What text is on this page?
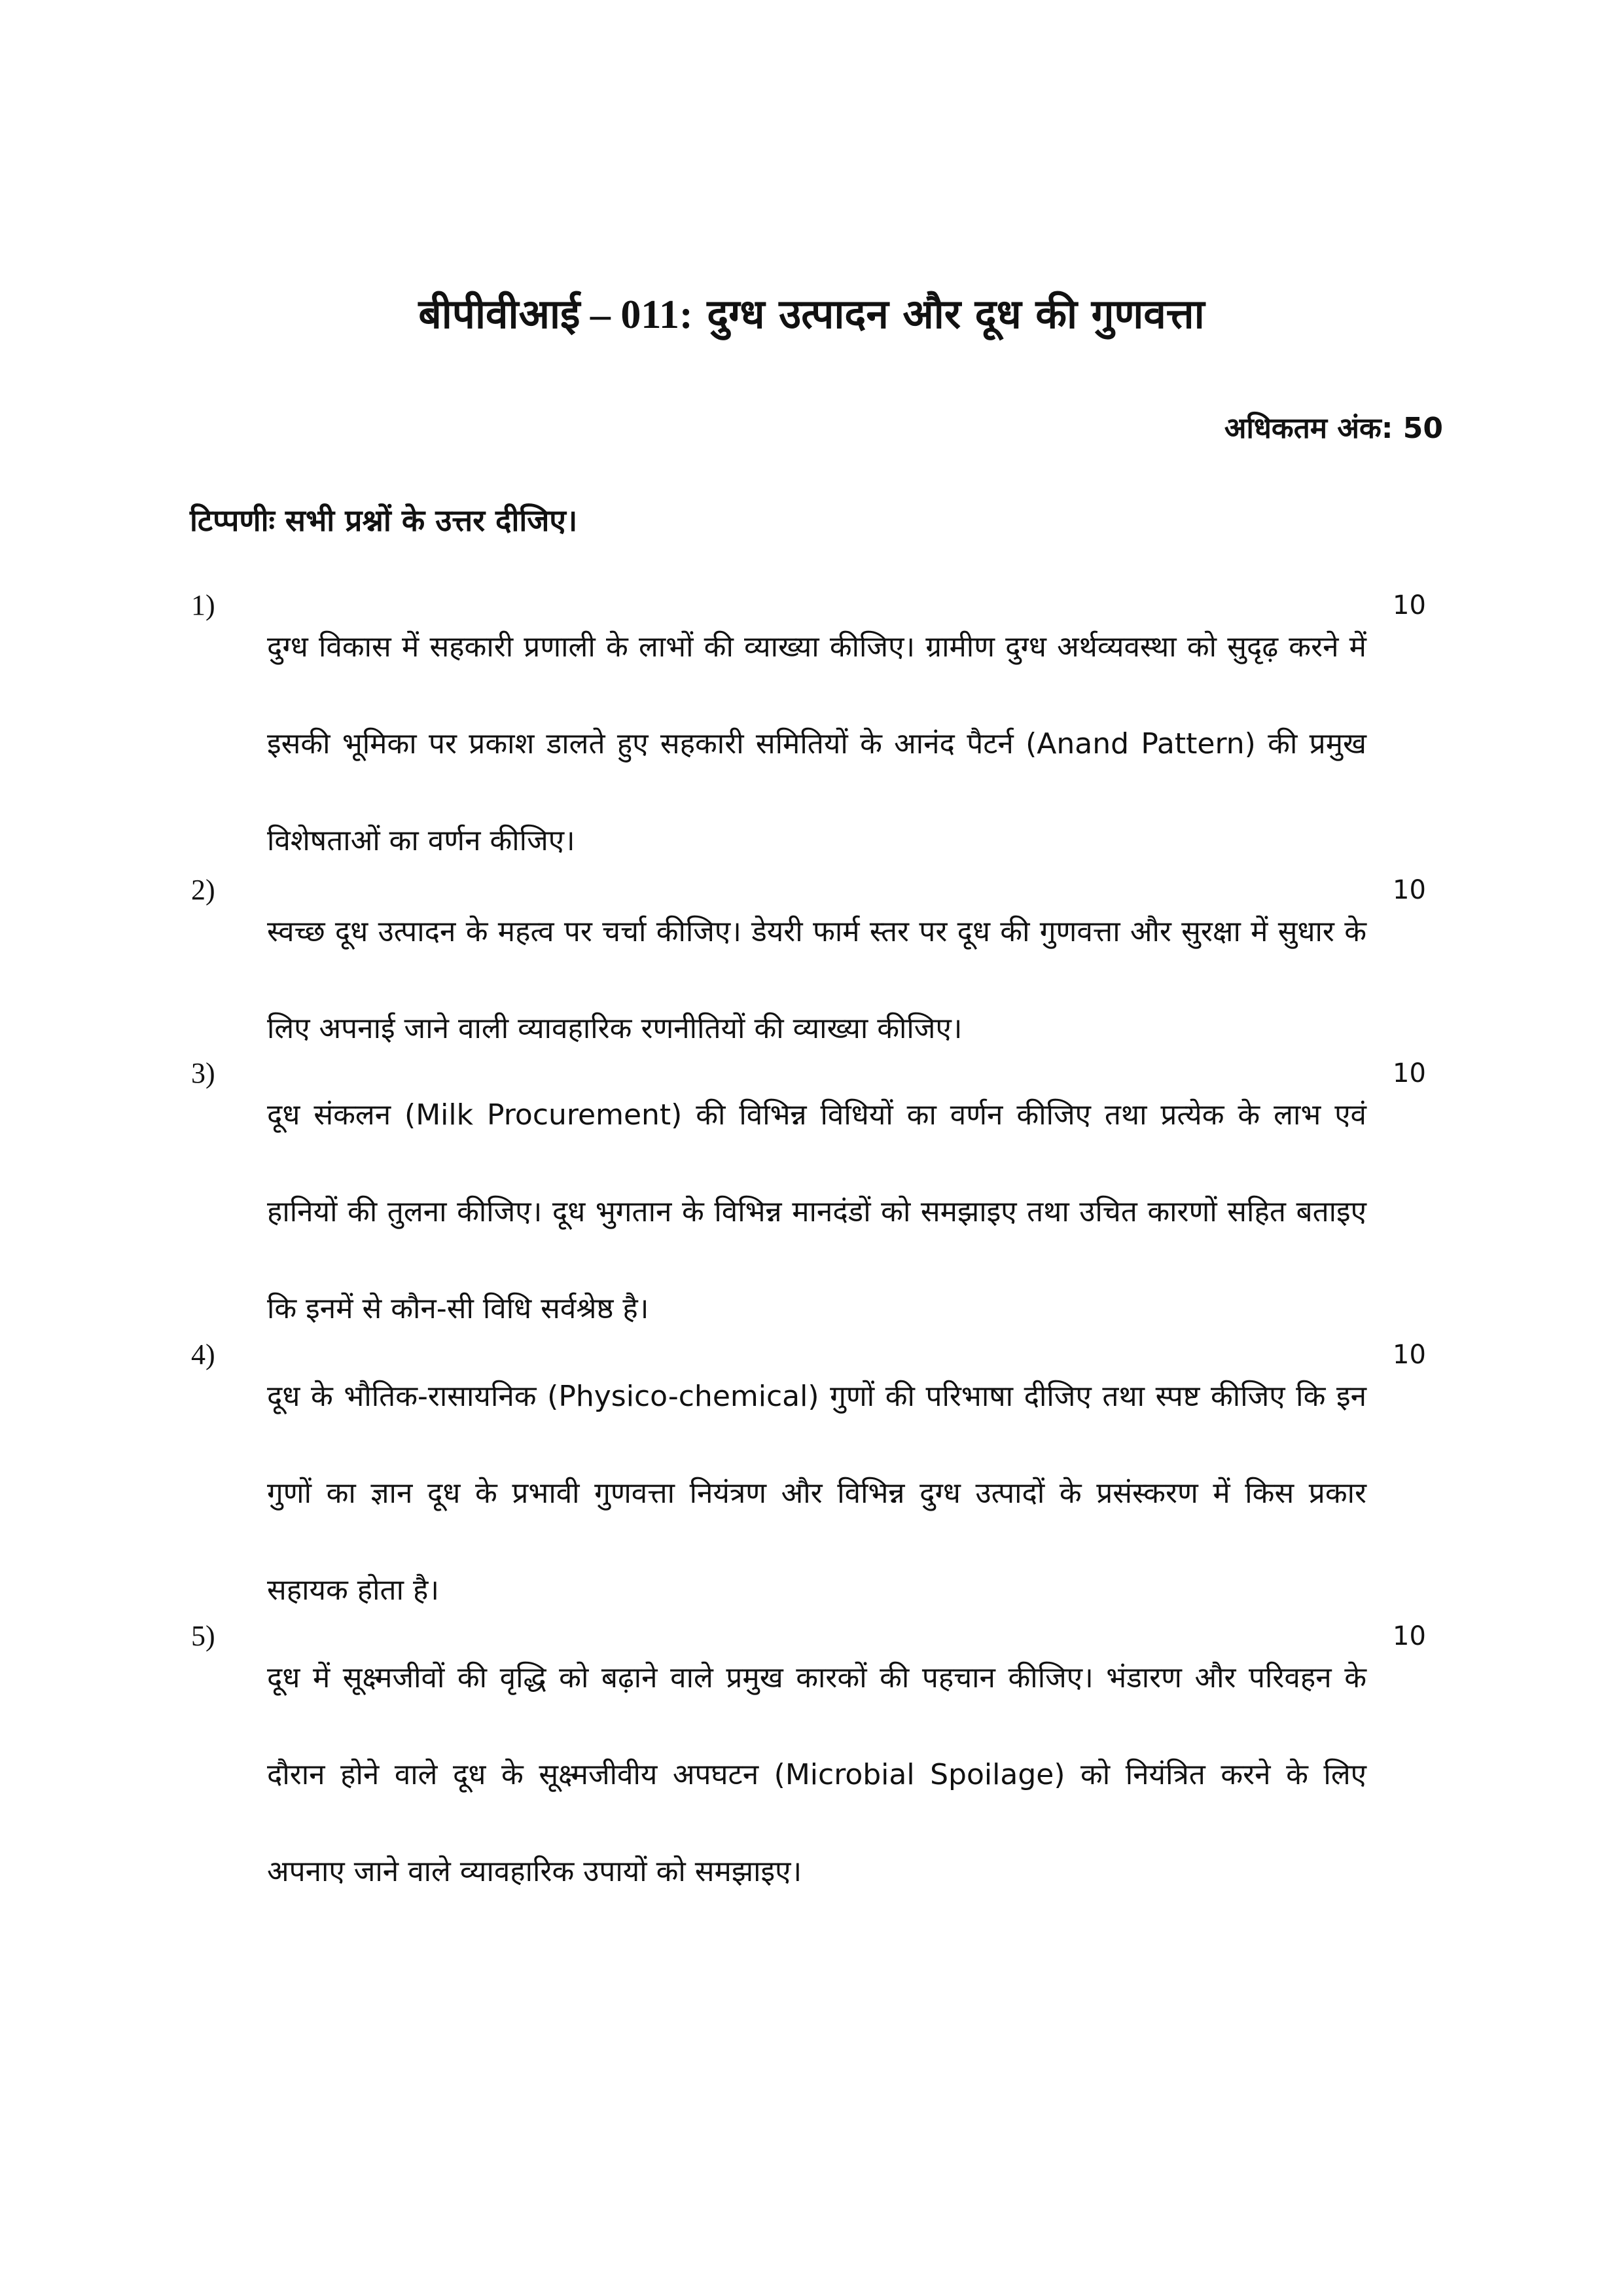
बीपीवीआई – 011: दुग्ध उत्पादन और दूध की गुणवत्ता
अधिकतम अंक: 50
टिप्पणीः सभी प्रश्नों के उत्तर दीजिए।
1)
दुग्ध विकास में सहकारी प्रणाली के लाभों की व्याख्या कीजिए। ग्रामीण दुग्ध अर्थव्यवस्था को सुदृढ़ करने में इसकी भूमिका पर प्रकाश डालते हुए सहकारी समितियों के आनंद पैटर्न (Anand Pattern) की प्रमुख विशेषताओं का वर्णन कीजिए।
10
2)
स्वच्छ दूध उत्पादन के महत्व पर चर्चा कीजिए। डेयरी फार्म स्तर पर दूध की गुणवत्ता और सुरक्षा में सुधार के लिए अपनाई जाने वाली व्यावहारिक रणनीतियों की व्याख्या कीजिए।
10
3)
दूध संकलन (Milk Procurement) की विभिन्न विधियों का वर्णन कीजिए तथा प्रत्येक के लाभ एवं हानियों की तुलना कीजिए। दूध भुगतान के विभिन्न मानदंडों को समझाइए तथा उचित कारणों सहित बताइए कि इनमें से कौन-सी विधि सर्वश्रेष्ठ है।
10
4)
दूध के भौतिक-रासायनिक (Physico-chemical) गुणों की परिभाषा दीजिए तथा स्पष्ट कीजिए कि इन गुणों का ज्ञान दूध के प्रभावी गुणवत्ता नियंत्रण और विभिन्न दुग्ध उत्पादों के प्रसंस्करण में किस प्रकार सहायक होता है।
10
5)
दूध में सूक्ष्मजीवों की वृद्धि को बढ़ाने वाले प्रमुख कारकों की पहचान कीजिए। भंडारण और परिवहन के दौरान होने वाले दूध के सूक्ष्मजीवीय अपघटन (Microbial Spoilage) को नियंत्रित करने के लिए अपनाए जाने वाले व्यावहारिक उपायों को समझाइए।
10
